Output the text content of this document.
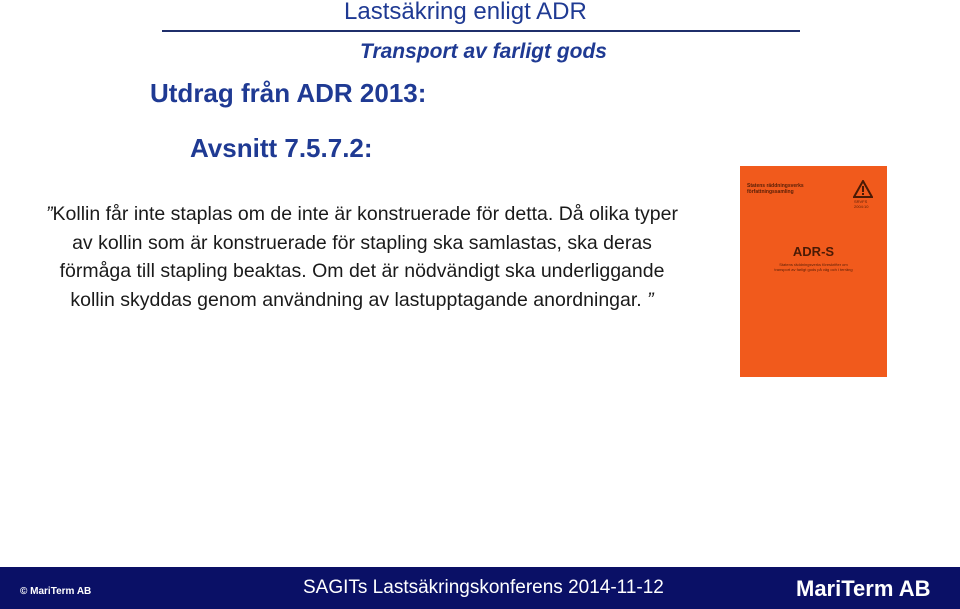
Lastsäkring enligt ADR
Transport av farligt gods
Utdrag från ADR 2013:
Avsnitt 7.5.7.2:
”Kollin får inte staplas om de inte är konstruerade för detta. Då olika typer av kollin som är konstruerade för stapling ska samlastas, ska deras förmåga till stapling beaktas. Om det är nödvändigt ska underliggande kollin skyddas genom användning av lastupptagande anordningar. ”
Statens räddningsverks
författningssamling
SRVFS
2004:10
ADR-S
Statens räddningsverks föreskrifter om
transport av farligt gods på väg och i terräng
© MariTerm AB	SAGITs Lastsäkringskonferens 2014-11-12	MariTerm AB
